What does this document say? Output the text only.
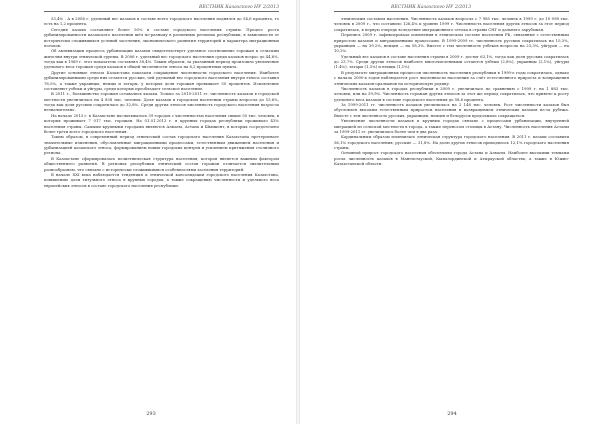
ВЕСТНИК Казахского НУ 2/2013

53,4% . А в 2006 г. удельный вес казахов в составе всего городского населения поднялся до 54,6 процента, то есть на 1,2 процента.

Сегодня казахи составляют более 50% в составе городского населения страны. Процесс роста урбанизированности казахского населения шёл по-разному в различных регионах республики, в зависимости от исторически сложившихся условий заселения, экономического развития территорий и характера миграционных потоков.

Об активизации процесса урбанизации казахов свидетельствует удельное соотношение горожан к сельским жителям внутри этнической группы. В 2006 г. удельный вес городского населения среди казахов возрос до 44,6%, тогда как в 1989 г. этот показатель составлял 38,4%. Таким образом, за указанный период произошло увеличение удельного веса горожан среди казахов в общей численности этноса на 6,2 процентных пункта.

Другие основные этносы Казахстана показали сокращение численности городского населения. Наиболее урбанизированными среди них остаются русские, чей удельный вес городского населения внутри этноса составил 76,5%, а также украинцы, немцы и татары, у которых доля горожан превышает 50 процентов. Исключение составляют узбеки и уйгуры, среди которых преобладает сельское население.

В 2011 г., большинство горожан оставались казахи. Только за 2010-2011 гг. численность казахов в городской местности увеличилась на 4 838 тыс. человек. Доля казахов в городском населении страны возросла до 53,6%, тогда как доля русских сократилась до 32,8%. Среди других этносов численность городского населения возросла незначительно.

На начало 2013 г. в Казахстане насчитывалось 39 городов с численностью населения свыше 50 тыс. человек, в которых проживает 7 017 тыс. горожан. На 01.01.2013 г. в крупных городах республики проживало 43% населения страны. Самыми крупными городами являются Алматы, Астана и Шымкент, в которых сосредоточено более трети всего городского населения.

Таким образом, в современный период этнический состав городского населения Казахстана претерпевает значительные изменения, обусловленные миграционными процессами, естественным движением населения и урбанизацией казахского этноса, формированием новых городских центров и усилением притяжения столичного региона.

В Казахстане сформировалась полиэтническая структура населения, которая является важным фактором общественного развития. В регионах республики этнический состав горожан отличается значительным разнообразием, что связано с исторически сложившимися особенностями заселения территорий.

В начале XXI века наблюдается тенденция к этнической консолидации городского населения Казахстана, повышению доли титульного этноса в крупных городах, а также сокращению численности и удельного веса европейских этносов в составе городского населения республики.

293
ВЕСТНИК Казахского НУ 2/2013

этническим составом населения. Численность казахов возросла с 7 985 тыс. человек в 1999 г. до 10 098 тыс. человек в 2009 г., что составило 126,4% к уровню 1999 г. Численность населения других этносов за этот период сократилась, в первую очередь вследствие миграционного оттока в страны СНГ и дальнего зарубежья.

Перепись 2009 г. зафиксировала изменения в этническом составе населения РК, связанные с естественным приростом казахов и миграционными процессами. В 1999-2009 гг. численность русских сократилась на 15,3%, украинцев — на 39,2%, немцев — на 58,3%. Вместе с тем численность узбеков возросла на 23,3%, уйгуров — на 10,2%.

Удельный вес казахов в составе населения страны в 2009 г. достиг 63,1%, тогда как доля русских сократилась до 23,7%. Среди других этносов наиболее многочисленными остаются узбеки (2,8%), украинцы (2,1%), уйгуры (1,4%), татары (1,3%) и немцы (1,1%).

В результате миграционных процессов численность населения республики в 1990-е годы сократилась, однако с начала 2000-х годов наблюдается рост численности населения за счёт естественного прироста и возвращения этнических казахов-оралманов на историческую родину.

Численность казахов в городах республики в 2009 г. увеличилась по сравнению с 1999 г. на 1 883 тыс. человек, или на 39,9%. Численность горожан других этносов за этот же период сократилась, что привело к росту удельного веса казахов в составе городского населения до 58,6 процента.

За 1999-2011 гг. численность казахов увеличилась на 2 148 тыс. человек. Рост численности казахов был обусловлен высоким естественным приростом населения и возвращением этнических казахов из-за рубежа. Вместе с тем численность русских, украинцев, немцев и белорусов продолжала сокращаться.

Увеличение численности казахов в крупных городах связано с процессами урбанизации, внутренней миграцией из сельской местности в города, а также переносом столицы в Астану. Численность населения Астаны за 1999-2011 гг. увеличилась более чем в два раза.

Кардинальным образом изменилась этническая структура городского населения. В 2011 г. казахи составили 56,1% городского населения, русские — 31,8%. На долю других этносов приходилось 12,1% городского населения страны.

Основной прирост городского населения обеспечили города Астана и Алматы. Наиболее высокими темпами росла численность казахов в Мангистауской, Кызылординской и Атырауской областях, а также в Южно-Казахстанской области.

294
